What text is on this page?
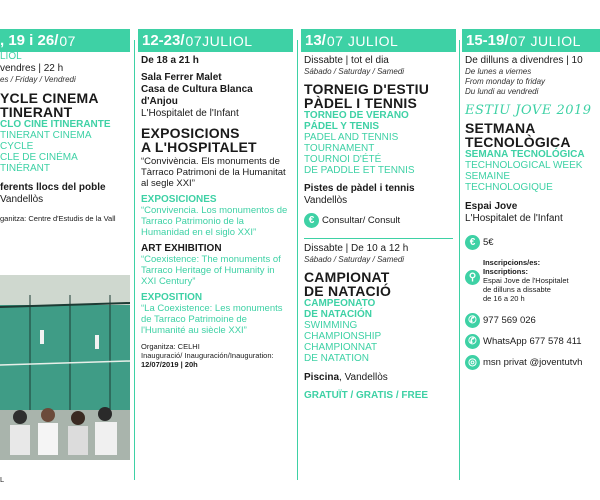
, 19 i 26/ 07
LIOL
vendres | 22 h
es / Friday / Vendredi
YCLE CINEMA
TINERANT
CLO CINE ITINERANTE
TINERANT CINEMA CYCLE
CLE DE CINÉMA
TINÉRANT
ferents llocs del poble
Vandellòs
ganitza: Centre d'Estudis de la Vall
L
12-23/ 07JULIOL
De 18 a 21 h
Sala Ferrer Malet
Casa de Cultura Blanca d'Anjou
L'Hospitalet de l'Infant
EXPOSICIONS
A L'HOSPITALET
“Convivència. Els monuments de Tàrraco Patrimoni de la Humanitat al segle XXI”
EXPOSICIONES
“Convivencia. Los monumentos de Tarraco Patrimonio de la Humanidad en el siglo XXI”
ART EXHIBITION
“Coexistence: The monuments of Tarraco Heritage of Humanity in XXI Century”
EXPOSITION
“La Coexistence: Les monuments de Tarraco Patrimoine de l'Humanité au siècle XXI”
Organitza: CELHI
Inauguració/ Inauguración/Inauguration:
12/07/2019 | 20h
13/ 07 JULIOL
Dissabte | tot el dia
Sábado / Saturday / Samedi
TORNEIG D'ESTIU
PÀDEL I TENNIS
TORNEO DE VERANO
PÁDEL Y TENIS
PADEL AND TENNIS
TOURNAMENT
TOURNOI D'ÉTÉ
DE PADDLE ET TENNIS
Pistes de pàdel i tennis
Vandellòs
€ Consultar/ Consult
Dissabte | De 10 a 12 h
Sábado / Saturday / Samedi
CAMPIONAT
DE NATACIÓ
CAMPEONATO
DE NATACIÓN
SWIMMING
CHAMPIONSHIP
CHAMPIONNAT
DE NATATION
Piscina, Vandellòs
GRATUÏT / GRATIS / FREE
15-19/ 07 JULIOL
De dilluns a divendres | 10
De lunes a viernes
From monday to friday
Du lundi au vendredi
ESTIU JOVE 2019
SETMANA
TECNOLÒGICA
SEMANA TECNOLÓGICA
TECHNOLOGICAL WEEK
SEMAINE
TECHNOLOGIQUE
Espai Jove
L'Hospitalet de l'Infant
€ 5€
⚲
Inscripcions/es:
Inscriptions:
Espai Jove de l'Hospitalet
de dilluns a dissabte
de 16 a 20 h
✆ 977 569 026
✆ WhatsApp 677 578 411
◎ msn privat @joventutvh
